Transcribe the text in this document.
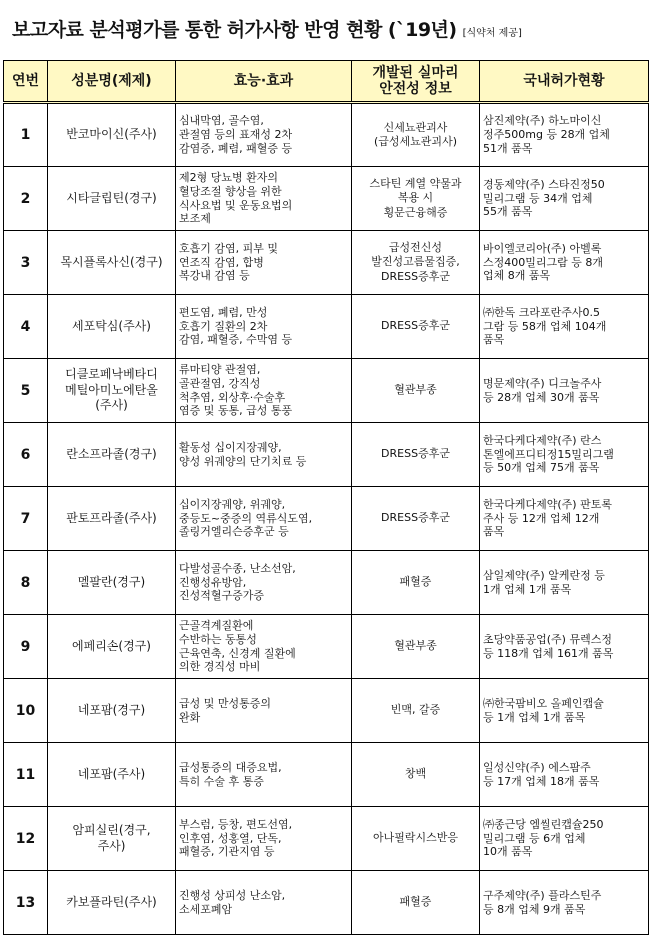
보고자료 분석평가를 통한 허가사항 반영 현황 (`19년) [식약처 제공]
연번	성분명(제제)	효능·효과	개발된 실마리
안전성 정보	국내허가현황
1	반코마이신(주사)	심내막염, 골수염,
관절염 등의 표재성 2차
감염증, 폐렴, 패혈증 등	신세뇨관괴사
(급성세뇨관괴사)	삼진제약(주) 하노마이신
정주500mg 등 28개 업체
51개 품목
2	시타글립틴(경구)	제2형 당뇨병 환자의
혈당조절 향상을 위한
식사요법 및 운동요법의
보조제	스타틴 계열 약물과
복용 시
횡문근융해증	경동제약(주) 스타진정50
밀리그램 등 34개 업체
55개 품목
3	목시플록사신(경구)	호흡기 감염, 피부 및
연조직 감염, 합병
복강내 감염 등	급성전신성
발진성고름물집증,
DRESS증후군	바이엘코리아(주) 아벨록
스정400밀리그람 등 8개
업체 8개 품목
4	세포탁심(주사)	편도염, 폐렴, 만성
호흡기 질환의 2차
감염, 패혈증, 수막염 등	DRESS증후군	㈜한독 크라포란주사0.5
그람 등 58개 업체 104개
품목
5	디클로페낙베타디
메틸아미노에탄올
(주사)	류마티양 관절염,
골관절염, 강직성
척추염, 외상후·수술후
염증 및 동통, 급성 통풍	혈관부종	명문제약(주) 디크놀주사
등 28개 업체 30개 품목
6	란소프라졸(경구)	활동성 십이지장궤양,
양성 위궤양의 단기치료 등	DRESS증후군	한국다케다제약(주) 란스
톤엘에프디티정15밀리그램
등 50개 업체 75개 품목
7	판토프라졸(주사)	십이지장궤양, 위궤양,
중등도~중증의 역류식도염,
졸링거엘리슨증후군 등	DRESS증후군	한국다케다제약(주) 판토록
주사 등 12개 업체 12개
품목
8	멜팔란(경구)	다발성골수종, 난소선암,
진행성유방암,
진성적혈구증가증	패혈증	삼일제약(주) 알케란정 등
1개 업체 1개 품목
9	에페리손(경구)	근골격계질환에
수반하는 동통성
근육연축, 신경계 질환에
의한 경직성 마비	혈관부종	초당약품공업(주) 뮤렉스정
등 118개 업체 161개 품목
10	네포팜(경구)	급성 및 만성통증의
완화	빈맥, 갈증	㈜한국팜비오 올페인캡슐
등 1개 업체 1개 품목
11	네포팜(주사)	급성통증의 대증요법,
특히 수술 후 통증	창백	일성신약(주) 에스팜주
등 17개 업체 18개 품목
12	암피실린(경구,
주사)	부스럼, 등창, 편도선염,
인후염, 성홍열, 단독,
패혈증, 기관지염 등	아나필락시스반응	㈜종근당 엠씰린캡슐250
밀리그램 등 6개 업체
10개 품목
13	카보플라틴(주사)	진행성 상피성 난소암,
소세포폐암	패혈증	구주제약(주) 플라스틴주
등 8개 업체 9개 품목
